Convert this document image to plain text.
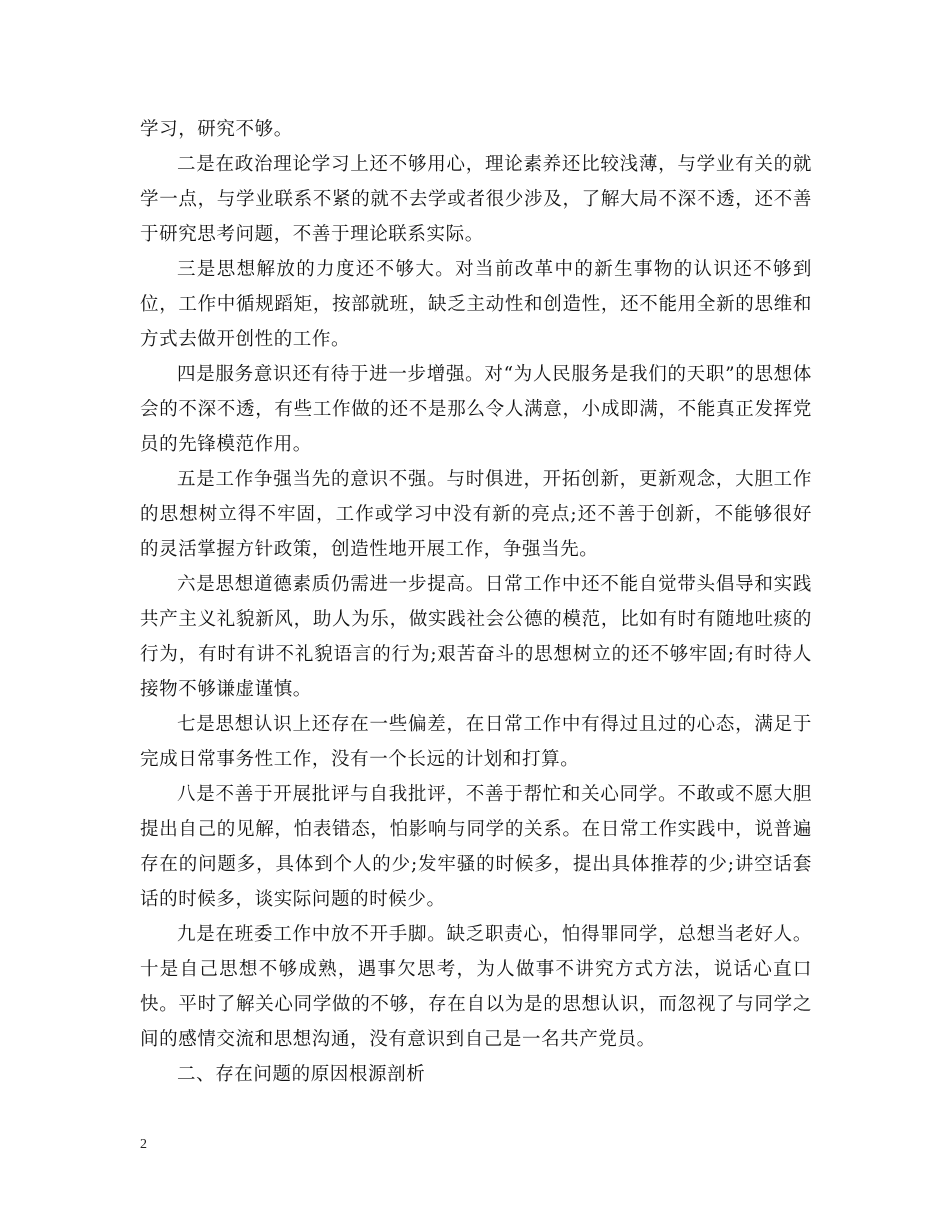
学习，研究不够。

二是在政治理论学习上还不够用心，理论素养还比较浅薄，与学业有关的就学一点，与学业联系不紧的就不去学或者很少涉及，了解大局不深不透，还不善于研究思考问题，不善于理论联系实际。

三是思想解放的力度还不够大。对当前改革中的新生事物的认识还不够到位，工作中循规蹈矩，按部就班，缺乏主动性和创造性，还不能用全新的思维和方式去做开创性的工作。

四是服务意识还有待于进一步增强。对“为人民服务是我们的天职”的思想体会的不深不透，有些工作做的还不是那么令人满意，小成即满，不能真正发挥党员的先锋模范作用。

五是工作争强当先的意识不强。与时俱进，开拓创新，更新观念，大胆工作的思想树立得不牢固，工作或学习中没有新的亮点;还不善于创新，不能够很好的灵活掌握方针政策，创造性地开展工作，争强当先。

六是思想道德素质仍需进一步提高。日常工作中还不能自觉带头倡导和实践共产主义礼貌新风，助人为乐，做实践社会公德的模范，比如有时有随地吐痰的行为，有时有讲不礼貌语言的行为;艰苦奋斗的思想树立的还不够牢固;有时待人接物不够谦虚谨慎。

七是思想认识上还存在一些偏差，在日常工作中有得过且过的心态，满足于完成日常事务性工作，没有一个长远的计划和打算。

八是不善于开展批评与自我批评，不善于帮忙和关心同学。不敢或不愿大胆提出自己的见解，怕表错态，怕影响与同学的关系。在日常工作实践中，说普遍存在的问题多，具体到个人的少;发牢骚的时候多，提出具体推荐的少;讲空话套话的时候多，谈实际问题的时候少。

九是在班委工作中放不开手脚。缺乏职责心，怕得罪同学，总想当老好人。十是自己思想不够成熟，遇事欠思考，为人做事不讲究方式方法，说话心直口快。平时了解关心同学做的不够，存在自以为是的思想认识，而忽视了与同学之间的感情交流和思想沟通，没有意识到自己是一名共产党员。

二、存在问题的原因根源剖析

2
